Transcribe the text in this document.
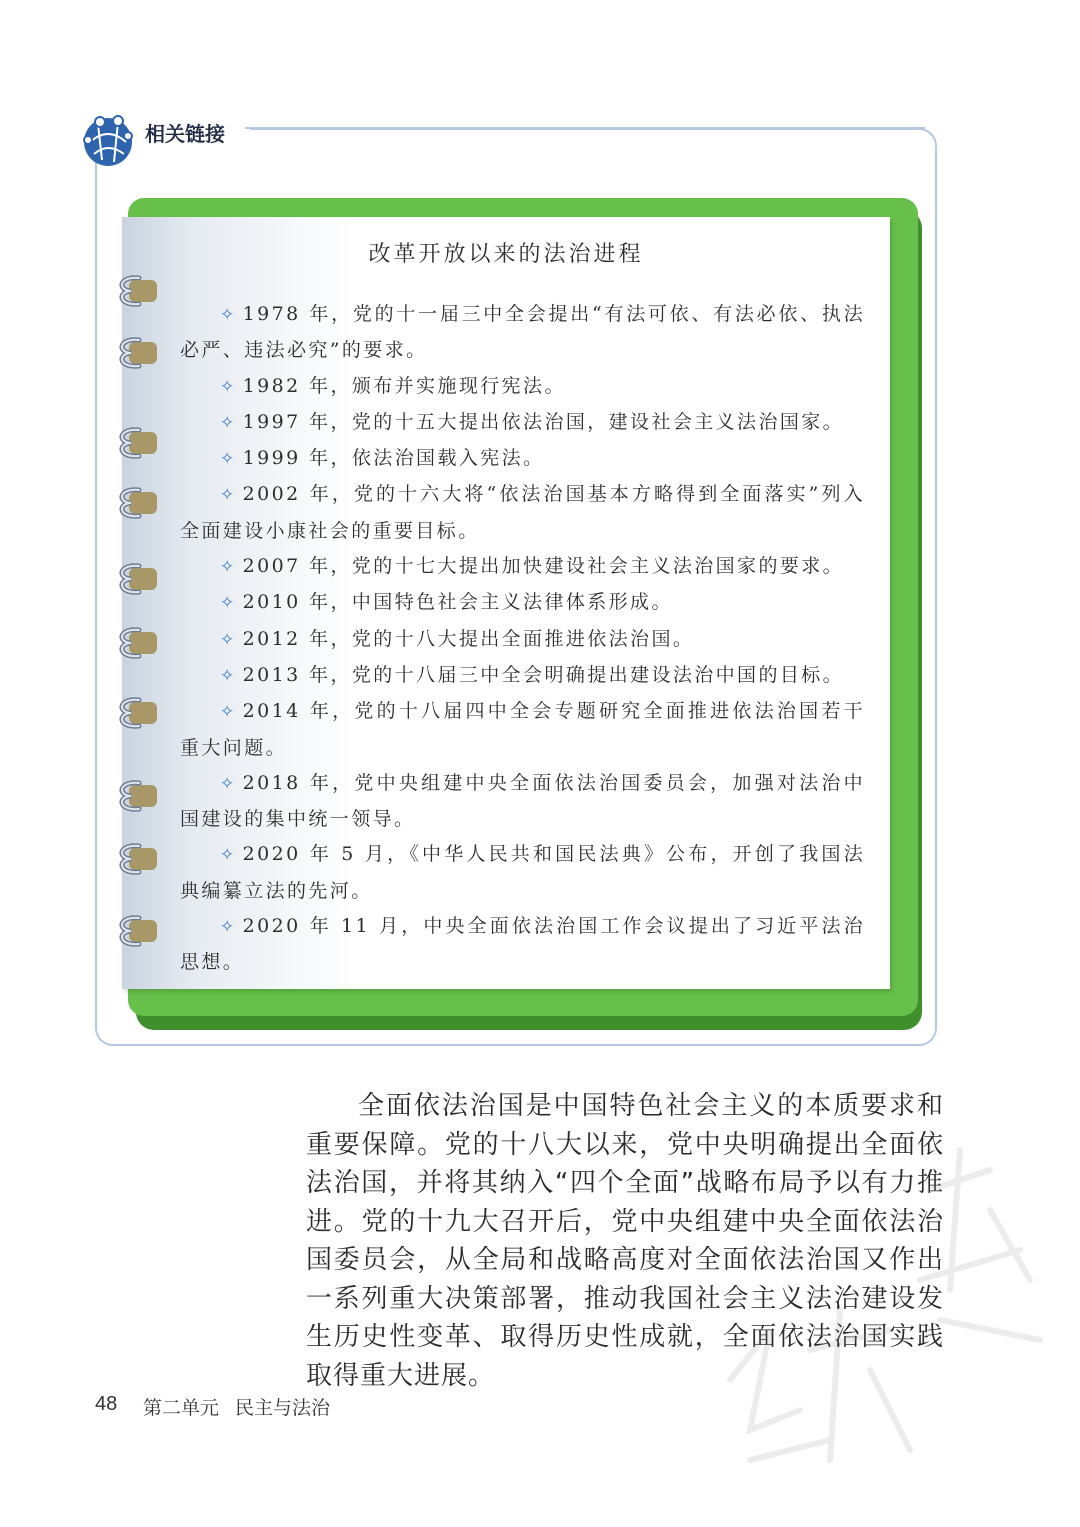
相关链接
改革开放以来的法治进程

✧ 1978 年，党的十一届三中全会提出“有法可依、有法必依、执法必严、违法必究”的要求。

✧ 1982 年，颁布并实施现行宪法。

✧ 1997 年，党的十五大提出依法治国，建设社会主义法治国家。

✧ 1999 年，依法治国载入宪法。

✧ 2002 年，党的十六大将“依法治国基本方略得到全面落实”列入全面建设小康社会的重要目标。

✧ 2007 年，党的十七大提出加快建设社会主义法治国家的要求。

✧ 2010 年，中国特色社会主义法律体系形成。

✧ 2012 年，党的十八大提出全面推进依法治国。

✧ 2013 年，党的十八届三中全会明确提出建设法治中国的目标。

✧ 2014 年，党的十八届四中全会专题研究全面推进依法治国若干重大问题。

✧ 2018 年，党中央组建中央全面依法治国委员会，加强对法治中国建设的集中统一领导。

✧ 2020 年 5 月，《中华人民共和国民法典》公布，开创了我国法典编纂立法的先河。

✧ 2020 年 11 月，中央全面依法治国工作会议提出了习近平法治思想。

全面依法治国是中国特色社会主义的本质要求和重要保障。党的十八大以来，党中央明确提出全面依法治国，并将其纳入“四个全面”战略布局予以有力推进。党的十九大召开后，党中央组建中央全面依法治国委员会，从全局和战略高度对全面依法治国又作出一系列重大决策部署，推动我国社会主义法治建设发生历史性变革、取得历史性成就，全面依法治国实践取得重大进展。

48 第二单元 民主与法治
